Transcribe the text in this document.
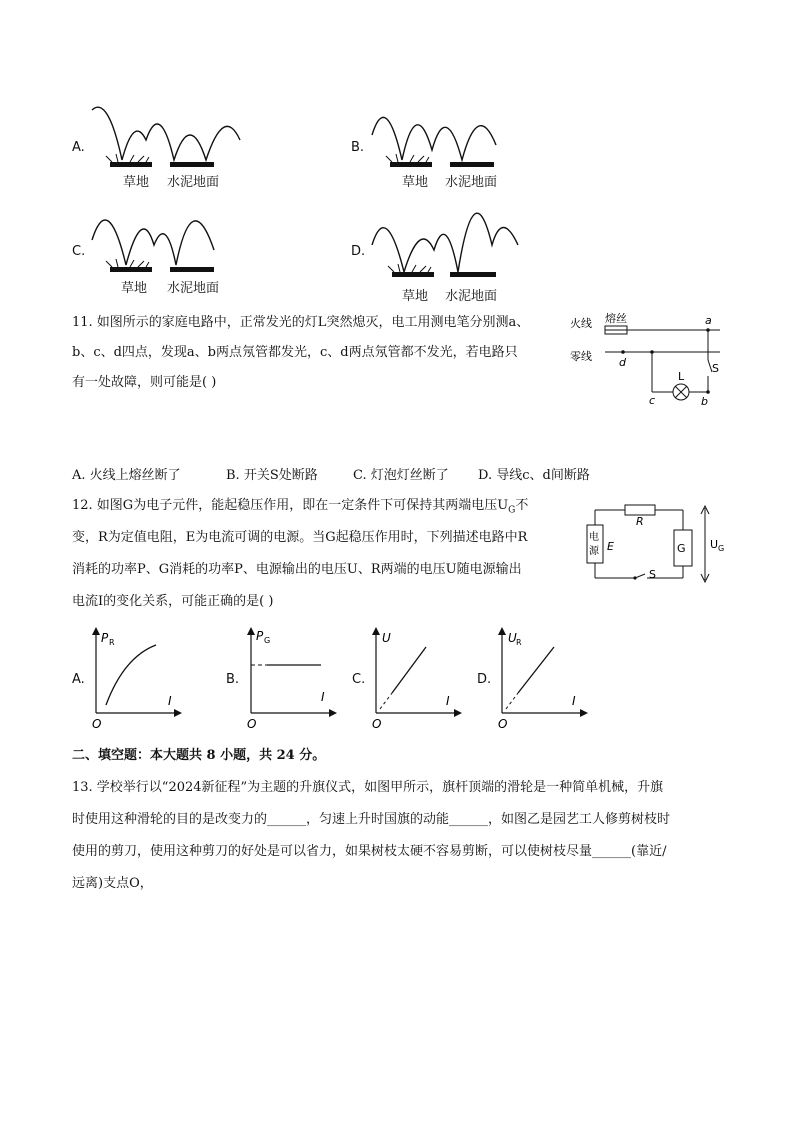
A.
草地 水泥地面
B.
草地 水泥地面
C.
草地 水泥地面
D.
草地 水泥地面
11. 如图所示的家庭电路中，正常发光的灯L突然熄灭，电工用测电笔分别测a、
b、c、d四点，发现a、b两点氖管都发光，c、d两点氖管都不发光，若电路只
有一处故障，则可能是( )
火线
零线
熔丝	a
d
c	b
L
S
A. 火线上熔丝断了	B. 开关S处断路	C. 灯泡灯丝断了 D. 导线c、d间断路
12. 如图G为电子元件，能起稳压作用，即在一定条件下可保持其两端电压$U_G$不
变，R为定值电阻，E为电流可调的电源。当G起稳压作用时，下列描述电路中R
消耗的功率P、G消耗的功率P、电源输出的电压U、R两端的电压U随电源输出
电流I的变化关系，可能正确的是( )
R
电
源 E	G
S
U G
A.
P R
I
O
B.
P G
I
O
C.
U
I
O
D.
U R
I
O
二、填空题：本大题共 8 小题，共 24 分。
13. 学校举行以“2024新征程”为主题的升旗仪式，如图甲所示，旗杆顶端的滑轮是一种简单机械，升旗
时使用这种滑轮的目的是改变力的______，匀速上升时国旗的动能______，如图乙是园艺工人修剪树枝时
使用的剪刀，使用这种剪刀的好处是可以省力，如果树枝太硬不容易剪断，可以使树枝尽量______(靠近/
远离)支点O，
